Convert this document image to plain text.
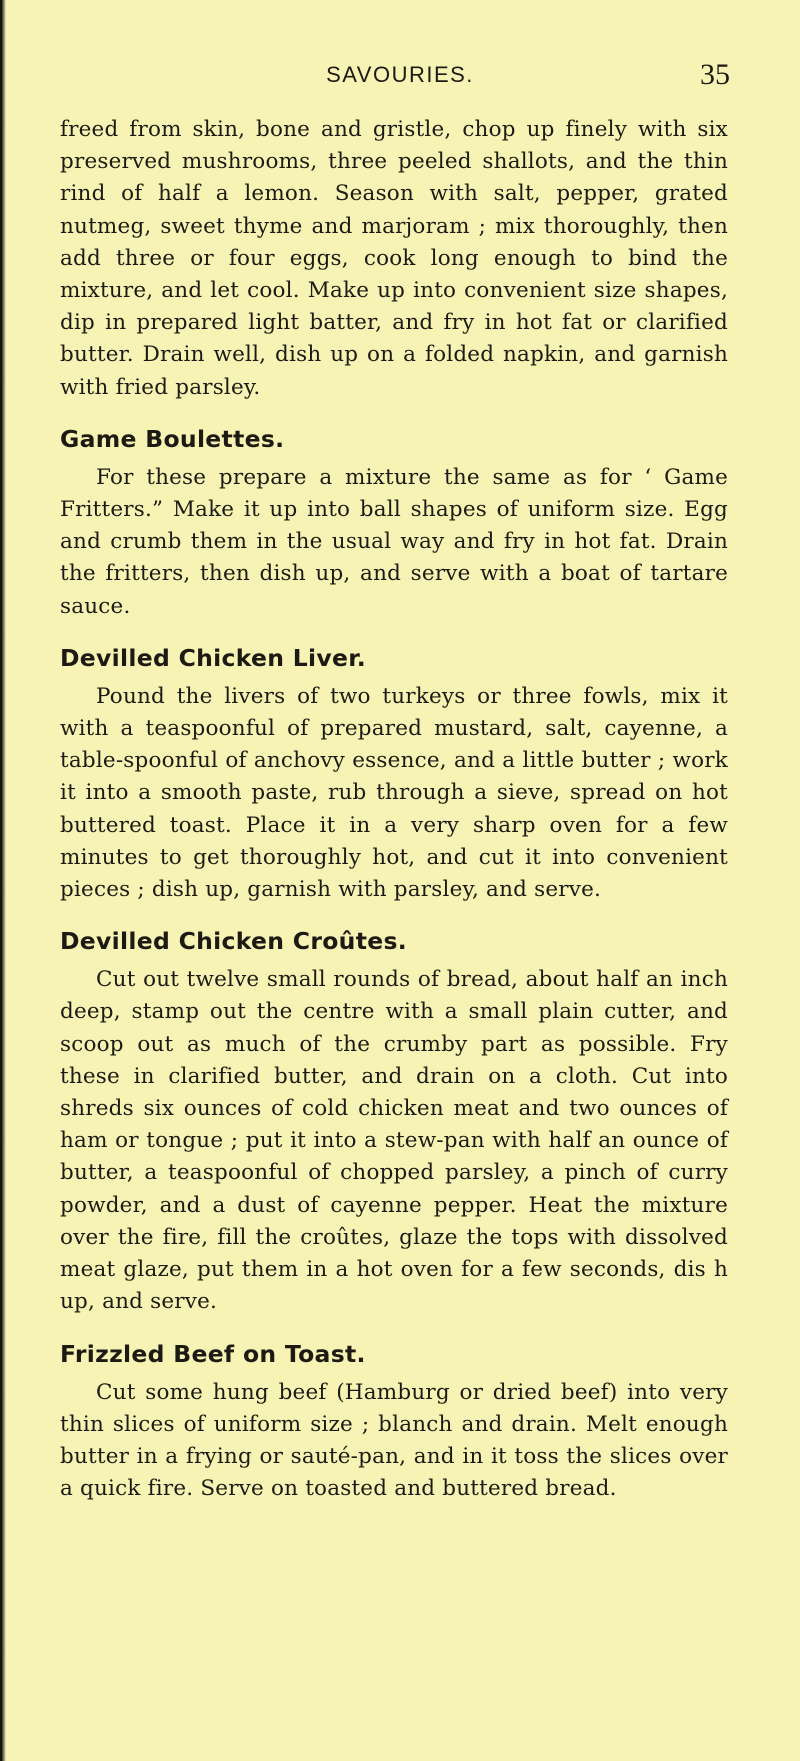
SAVOURIES.	35

freed from skin, bone and gristle, chop up finely with six preserved mushrooms, three peeled shallots, and the thin rind of half a lemon. Season with salt, pepper, grated nutmeg, sweet thyme and marjoram ; mix thoroughly, then add three or four eggs, cook long enough to bind the mixture, and let cool. Make up into convenient size shapes, dip in prepared light batter, and fry in hot fat or clarified butter. Drain well, dish up on a folded napkin, and garnish with fried parsley.

Game Boulettes.

For these prepare a mixture the same as for ‘ Game Fritters.” Make it up into ball shapes of uniform size. Egg and crumb them in the usual way and fry in hot fat. Drain the fritters, then dish up, and serve with a boat of tartare sauce.

Devilled Chicken Liver.

Pound the livers of two turkeys or three fowls, mix it with a teaspoonful of prepared mustard, salt, cayenne, a table-spoonful of anchovy essence, and a little butter ; work it into a smooth paste, rub through a sieve, spread on hot buttered toast. Place it in a very sharp oven for a few minutes to get thoroughly hot, and cut it into convenient pieces ; dish up, garnish with parsley, and serve.

Devilled Chicken Croûtes.

Cut out twelve small rounds of bread, about half an inch deep, stamp out the centre with a small plain cutter, and scoop out as much of the crumby part as possible. Fry these in clarified butter, and drain on a cloth. Cut into shreds six ounces of cold chicken meat and two ounces of ham or tongue ; put it into a stew-pan with half an ounce of butter, a teaspoonful of chopped parsley, a pinch of curry powder, and a dust of cayenne pepper. Heat the mixture over the fire, fill the croûtes, glaze the tops with dissolved meat glaze, put them in a hot oven for a few seconds, dis h up, and serve.

Frizzled Beef on Toast.

Cut some hung beef (Hamburg or dried beef) into very thin slices of uniform size ; blanch and drain. Melt enough butter in a frying or sauté-pan, and in it toss the slices over a quick fire. Serve on toasted and buttered bread.
